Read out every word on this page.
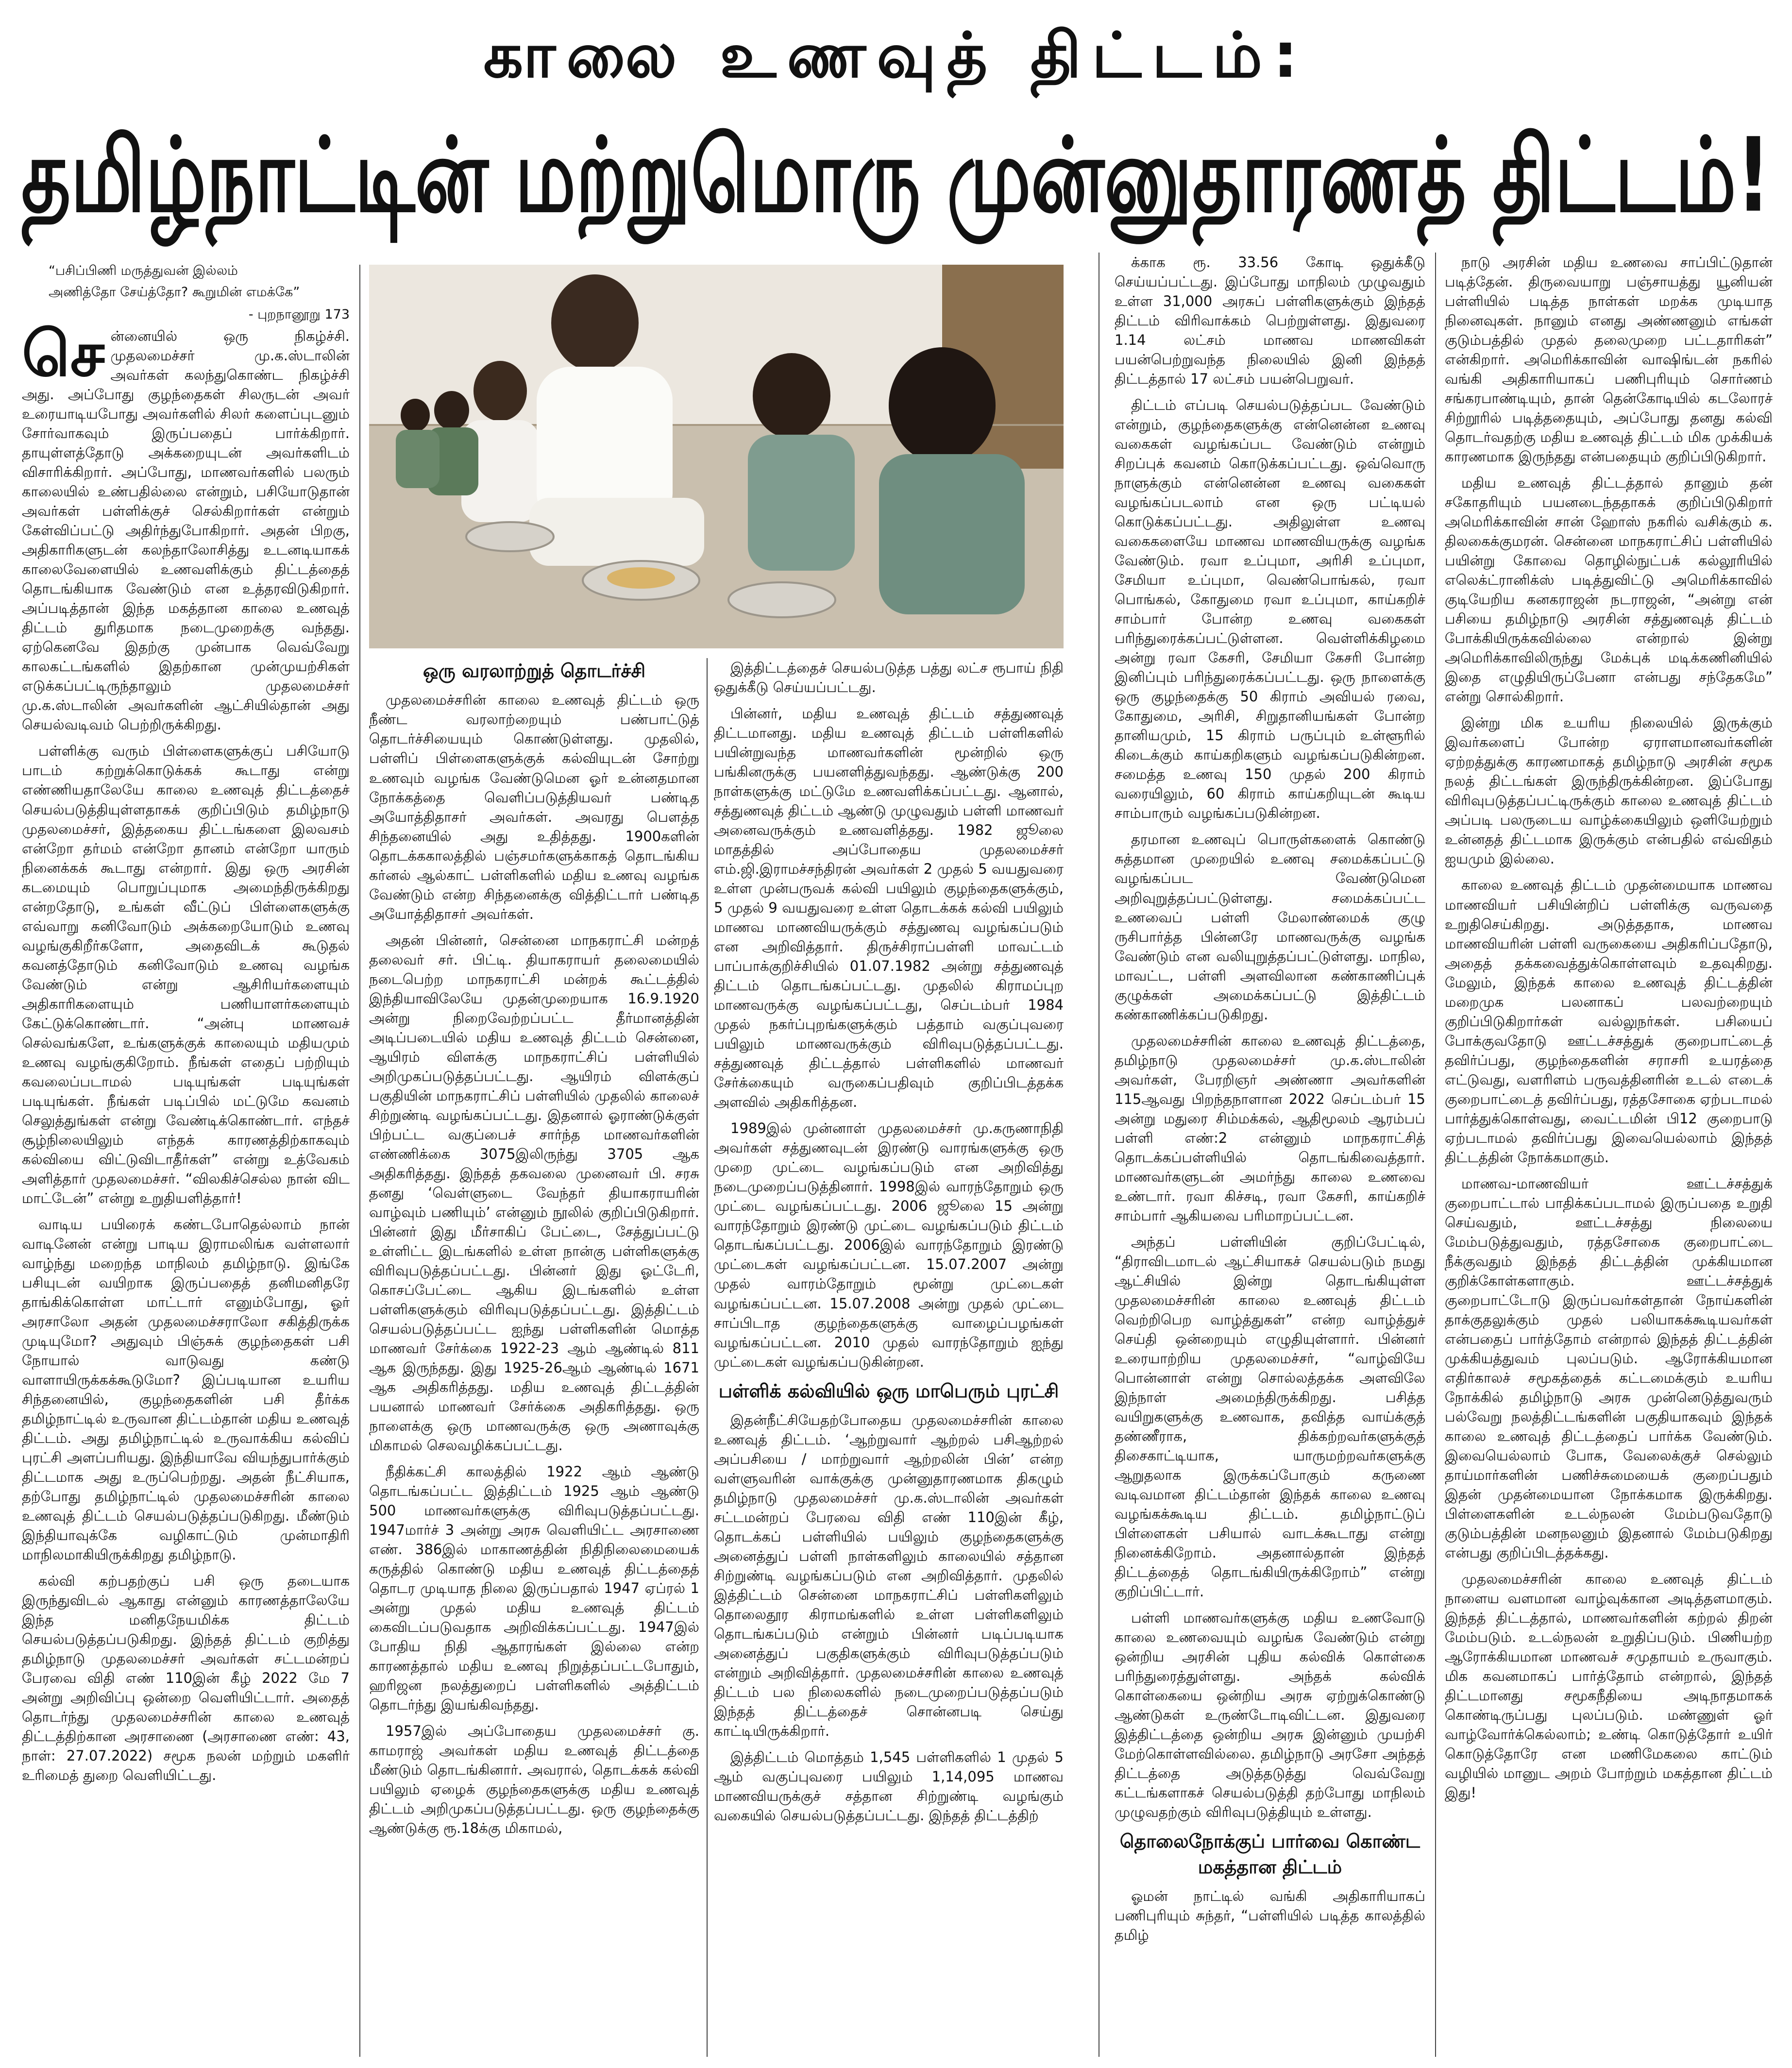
காலை உணவுத் திட்டம்:
தமிழ்நாட்டின் மற்றுமொரு முன்னுதாரணத் திட்டம்!
“பசிப்பிணி மருத்துவன் இல்லம்
அணித்தோ சேய்த்தோ? கூறுமின் எமக்கே”
- புறநானூறு 173

சென்னையில் ஒரு நிகழ்ச்சி. முதலமைச்சர் மு.க.ஸ்டாலின் அவர்கள் கலந்துகொண்ட நிகழ்ச்சி அது. அப்போது குழந்தைகள் சிலருடன் அவர் உரையாடியபோது அவர்களில் சிலர் களைப்புடனும் சோர்வாகவும் இருப்பதைப் பார்க்கிறார். தாயுள்ளத்தோடு அக்கறையுடன் அவர்களிடம் விசாரிக்கிறார். அப்போது, மாணவர்களில் பலரும் காலையில் உண்பதில்லை என்றும், பசியோடுதான் அவர்கள் பள்ளிக்குச் செல்கிறார்கள் என்றும் கேள்விப்பட்டு அதிர்ந்துபோகிறார். அதன் பிறகு, அதிகாரிகளுடன் கலந்தாலோசித்து உடனடியாகக் காலைவேளையில் உணவளிக்கும் திட்டத்தைத் தொடங்கியாக வேண்டும் என உத்தரவிடுகிறார். அப்படித்தான் இந்த மகத்தான காலை உணவுத் திட்டம் துரிதமாக நடைமுறைக்கு வந்தது. ஏற்கெனவே இதற்கு முன்பாக வெவ்வேறு காலகட்டங்களில் இதற்கான முன்முயற்சிகள் எடுக்கப்பட்டிருந்தாலும் முதலமைச்சர் மு.க.ஸ்டாலின் அவர்களின் ஆட்சியில்தான் அது செயல்வடிவம் பெற்றிருக்கிறது.

பள்ளிக்கு வரும் பிள்ளைகளுக்குப் பசியோடு பாடம் கற்றுக்கொடுக்கக் கூடாது என்று எண்ணியதாலேயே காலை உணவுத் திட்டத்தைச் செயல்படுத்தியுள்ளதாகக் குறிப்பிடும் தமிழ்நாடு முதலமைச்சர், இத்தகைய திட்டங்களை இலவசம் என்றோ தர்மம் என்றோ தானம் என்றோ யாரும் நினைக்கக் கூடாது என்றார். இது ஒரு அரசின் கடமையும் பொறுப்புமாக அமைந்திருக்கிறது என்றதோடு, உங்கள் வீட்டுப் பிள்ளைகளுக்கு எவ்வாறு கனிவோடும் அக்கறையோடும் உணவு வழங்குகிறீர்களோ, அதைவிடக் கூடுதல் கவனத்தோடும் கனிவோடும் உணவு வழங்க வேண்டும் என்று ஆசிரியர்களையும் அதிகாரிகளையும் பணியாளர்களையும் கேட்டுக்கொண்டார். “அன்பு மாணவச் செல்வங்களே, உங்களுக்குக் காலையும் மதியமும் உணவு வழங்குகிறோம். நீங்கள் எதைப் பற்றியும் கவலைப்படாமல் படியுங்கள் படியுங்கள் படியுங்கள். நீங்கள் படிப்பில் மட்டுமே கவனம் செலுத்துங்கள் என்று வேண்டிக்கொண்டார். எந்தச் சூழ்நிலையிலும் எந்தக் காரணத்திற்காகவும் கல்வியை விட்டுவிடாதீர்கள்” என்று உத்வேகம் அளித்தார் முதலமைச்சர். “விலகிச்செல்ல நான் விட மாட்டேன்” என்று உறுதியளித்தார்!

வாடிய பயிரைக் கண்டபோதெல்லாம் நான் வாடினேன் என்று பாடிய இராமலிங்க வள்ளலார் வாழ்ந்து மறைந்த மாநிலம் தமிழ்நாடு. இங்கே பசியுடன் வயிறாக இருப்பதைத் தனிமனிதரே தாங்கிக்கொள்ள மாட்டார் எனும்போது, ஓர் அரசாலோ அதன் முதலமைச்சராலோ சகித்திருக்க முடியுமோ? அதுவும் பிஞ்சுக் குழந்தைகள் பசி நோயால் வாடுவது கண்டு வாளாயிருக்கக்கூடுமோ? இப்படியான உயரிய சிந்தனையில், குழந்தைகளின் பசி தீர்க்க தமிழ்நாட்டில் உருவான திட்டம்தான் மதிய உணவுத் திட்டம். அது தமிழ்நாட்டில் உருவாக்கிய கல்விப் புரட்சி அளப்பரியது. இந்தியாவே வியந்துபார்க்கும் திட்டமாக அது உருப்பெற்றது. அதன் நீட்சியாக, தற்போது தமிழ்நாட்டில் முதலமைச்சரின் காலை உணவுத் திட்டம் செயல்படுத்தப்படுகிறது. மீண்டும் இந்தியாவுக்கே வழிகாட்டும் முன்மாதிரி மாநிலமாகியிருக்கிறது தமிழ்நாடு.

கல்வி கற்பதற்குப் பசி ஒரு தடையாக இருந்துவிடல் ஆகாது என்னும் காரணத்தாலேயே இந்த மனிதநேயமிக்க திட்டம் செயல்படுத்தப்படுகிறது. இந்தத் திட்டம் குறித்து தமிழ்நாடு முதலமைச்சர் அவர்கள் சட்டமன்றப் பேரவை விதி எண் 110இன் கீழ் 2022 மே 7 அன்று அறிவிப்பு ஒன்றை வெளியிட்டார். அதைத் தொடர்ந்து முதலமைச்சரின் காலை உணவுத் திட்டத்திற்கான அரசாணை (அரசாணை எண்: 43, நாள்: 27.07.2022) சமூக நலன் மற்றும் மகளிர் உரிமைத் துறை வெளியிட்டது.

ஒரு வரலாற்றுத் தொடர்ச்சி

முதலமைச்சரின் காலை உணவுத் திட்டம் ஒரு நீண்ட வரலாற்றையும் பண்பாட்டுத் தொடர்ச்சியையும் கொண்டுள்ளது. முதலில், பள்ளிப் பிள்ளைகளுக்குக் கல்வியுடன் சோற்று உணவும் வழங்க வேண்டுமென ஓர் உன்னதமான நோக்கத்தை வெளிப்படுத்தியவர் பண்டித அயோத்திதாசர் அவர்கள். அவரது பௌத்த சிந்தனையில் அது உதித்தது. 1900களின் தொடக்ககாலத்தில் பஞ்சமர்களுக்காகத் தொடங்கிய கர்னல் ஆல்காட் பள்ளிகளில் மதிய உணவு வழங்க வேண்டும் என்ற சிந்தனைக்கு வித்திட்டார் பண்டித அயோத்திதாசர் அவர்கள்.

அதன் பின்னர், சென்னை மாநகராட்சி மன்றத் தலைவர் சர். பிட்டி. தியாகராயர் தலைமையில் நடைபெற்ற மாநகராட்சி மன்றக் கூட்டத்தில் இந்தியாவிலேயே முதன்முறையாக 16.9.1920 அன்று நிறைவேற்றப்பட்ட தீர்மானத்தின் அடிப்படையில் மதிய உணவுத் திட்டம் சென்னை, ஆயிரம் விளக்கு மாநகராட்சிப் பள்ளியில் அறிமுகப்படுத்தப்பட்டது. ஆயிரம் விளக்குப் பகுதியின் மாநகராட்சிப் பள்ளியில் முதலில் காலைச் சிற்றுண்டி வழங்கப்பட்டது. இதனால் ஓராண்டுக்குள் பிற்பட்ட வகுப்பைச் சார்ந்த மாணவர்களின் எண்ணிக்கை 3075இலிருந்து 3705 ஆக அதிகரித்தது. இந்தத் தகவலை முனைவர் பி. சரசு தனது ‘வெள்ளுடை வேந்தர் தியாகராயரின் வாழ்வும் பணியும்’ என்னும் நூலில் குறிப்பிடுகிறார். பின்னர் இது மீர்சாகிப் பேட்டை, சேத்துப்பட்டு உள்ளிட்ட இடங்களில் உள்ள நான்கு பள்ளிகளுக்கு விரிவுபடுத்தப்பட்டது. பின்னர் இது ஓட்டேரி, கொசப்பேட்டை ஆகிய இடங்களில் உள்ள பள்ளிகளுக்கும் விரிவுபடுத்தப்பட்டது. இத்திட்டம் செயல்படுத்தப்பட்ட ஐந்து பள்ளிகளின் மொத்த மாணவர் சேர்க்கை 1922-23 ஆம் ஆண்டில் 811 ஆக இருந்தது. இது 1925-26ஆம் ஆண்டில் 1671 ஆக அதிகரித்தது. மதிய உணவுத் திட்டத்தின் பயனால் மாணவர் சேர்க்கை அதிகரித்தது. ஒரு நாளைக்கு ஒரு மாணவருக்கு ஒரு அணாவுக்கு மிகாமல் செலவழிக்கப்பட்டது.

நீதிக்கட்சி காலத்தில் 1922 ஆம் ஆண்டு தொடங்கப்பட்ட இத்திட்டம் 1925 ஆம் ஆண்டு 500 மாணவர்களுக்கு விரிவுபடுத்தப்பட்டது. 1947மார்ச் 3 அன்று அரசு வெளியிட்ட அரசாணை எண். 386இல் மாகாணத்தின் நிதிநிலைமையைக் கருத்தில் கொண்டு மதிய உணவுத் திட்டத்தைத் தொடர முடியாத நிலை இருப்பதால் 1947 ஏப்ரல் 1 அன்று முதல் மதிய உணவுத் திட்டம் கைவிடப்படுவதாக அறிவிக்கப்பட்டது. 1947இல் போதிய நிதி ஆதாரங்கள் இல்லை என்ற காரணத்தால் மதிய உணவு நிறுத்தப்பட்டபோதும், ஹரிஜன நலத்துறைப் பள்ளிகளில் அத்திட்டம் தொடர்ந்து இயங்கிவந்தது.

1957இல் அப்போதைய முதலமைச்சர் கு. காமராஜ் அவர்கள் மதிய உணவுத் திட்டத்தை மீண்டும் தொடங்கினார். அவரால், தொடக்கக் கல்வி பயிலும் ஏழைக் குழந்தைகளுக்கு மதிய உணவுத் திட்டம் அறிமுகப்படுத்தப்பட்டது. ஒரு குழந்தைக்கு ஆண்டுக்கு ரூ.18க்கு மிகாமல்,

இத்திட்டத்தைச் செயல்படுத்த பத்து லட்ச ரூபாய் நிதி ஒதுக்கீடு செய்யப்பட்டது.

பின்னர், மதிய உணவுத் திட்டம் சத்துணவுத் திட்டமானது. மதிய உணவுத் திட்டம் பள்ளிகளில் பயின்றுவந்த மாணவர்களின் மூன்றில் ஒரு பங்கினருக்கு பயனளித்துவந்தது. ஆண்டுக்கு 200 நாள்களுக்கு மட்டுமே உணவளிக்கப்பட்டது. ஆனால், சத்துணவுத் திட்டம் ஆண்டு முழுவதும் பள்ளி மாணவர் அனைவருக்கும் உணவளித்தது. 1982 ஜூலை மாதத்தில் அப்போதைய முதலமைச்சர் எம்.ஜி.இராமச்சந்திரன் அவர்கள் 2 முதல் 5 வயதுவரை உள்ள முன்பருவக் கல்வி பயிலும் குழந்தைகளுக்கும், 5 முதல் 9 வயதுவரை உள்ள தொடக்கக் கல்வி பயிலும் மாணவ மாணவியருக்கும் சத்துணவு வழங்கப்படும் என அறிவித்தார். திருச்சிராப்பள்ளி மாவட்டம் பாப்பாக்குறிச்சியில் 01.07.1982 அன்று சத்துணவுத் திட்டம் தொடங்கப்பட்டது. முதலில் கிராமப்புற மாணவருக்கு வழங்கப்பட்டது, செப்டம்பர் 1984 முதல் நகர்ப்புறங்களுக்கும் பத்தாம் வகுப்புவரை பயிலும் மாணவருக்கும் விரிவுபடுத்தப்பட்டது. சத்துணவுத் திட்டத்தால் பள்ளிகளில் மாணவர் சேர்க்கையும் வருகைப்பதிவும் குறிப்பிடத்தக்க அளவில் அதிகரித்தன.

1989இல் முன்னாள் முதலமைச்சர் மு.கருணாநிதி அவர்கள் சத்துணவுடன் இரண்டு வாரங்களுக்கு ஒரு முறை முட்டை வழங்கப்படும் என அறிவித்து நடைமுறைப்படுத்தினார். 1998இல் வாரந்தோறும் ஒரு முட்டை வழங்கப்பட்டது. 2006 ஜூலை 15 அன்று வாரந்தோறும் இரண்டு முட்டை வழங்கப்படும் திட்டம் தொடங்கப்பட்டது. 2006இல் வாரந்தோறும் இரண்டு முட்டைகள் வழங்கப்பட்டன. 15.07.2007 அன்று முதல் வாரம்தோறும் மூன்று முட்டைகள் வழங்கப்பட்டன. 15.07.2008 அன்று முதல் முட்டை சாப்பிடாத குழந்தைகளுக்கு வாழைப்பழங்கள் வழங்கப்பட்டன. 2010 முதல் வாரந்தோறும் ஐந்து முட்டைகள் வழங்கப்படுகின்றன.

பள்ளிக் கல்வியில் ஒரு மாபெரும் புரட்சி

இதன்நீட்சியேதற்போதைய முதலமைச்சரின் காலை உணவுத் திட்டம். ‘ஆற்றுவார் ஆற்றல் பசிஆற்றல் அப்பசியை / மாற்றுவார் ஆற்றலின் பின்’ என்ற வள்ளுவரின் வாக்குக்கு முன்னுதாரணமாக திகழும் தமிழ்நாடு முதலமைச்சர் மு.க.ஸ்டாலின் அவர்கள் சட்டமன்றப் பேரவை விதி எண் 110இன் கீழ், தொடக்கப் பள்ளியில் பயிலும் குழந்தைகளுக்கு அனைத்துப் பள்ளி நாள்களிலும் காலையில் சத்தான சிற்றுண்டி வழங்கப்படும் என அறிவித்தார். முதலில் இத்திட்டம் சென்னை மாநகராட்சிப் பள்ளிகளிலும் தொலைதூர கிராமங்களில் உள்ள பள்ளிகளிலும் தொடங்கப்படும் என்றும் பின்னர் படிப்படியாக அனைத்துப் பகுதிகளுக்கும் விரிவுபடுத்தப்படும் என்றும் அறிவித்தார். முதலமைச்சரின் காலை உணவுத் திட்டம் பல நிலைகளில் நடைமுறைப்படுத்தப்படும் இந்தத் திட்டத்தைச் சொன்னபடி செய்து காட்டியிருக்கிறார்.

இத்திட்டம் மொத்தம் 1,545 பள்ளிகளில் 1 முதல் 5 ஆம் வகுப்புவரை பயிலும் 1,14,095 மாணவ மாணவியருக்குச் சத்தான சிற்றுண்டி வழங்கும் வகையில் செயல்படுத்தப்பட்டது. இந்தத் திட்டத்திற்

க்காக ரூ. 33.56 கோடி ஒதுக்கீடு செய்யப்பட்டது. இப்போது மாநிலம் முழுவதும் உள்ள 31,000 அரசுப் பள்ளிகளுக்கும் இந்தத் திட்டம் விரிவாக்கம் பெற்றுள்ளது. இதுவரை 1.14 லட்சம் மாணவ மாணவிகள் பயன்பெற்றுவந்த நிலையில் இனி இந்தத் திட்டத்தால் 17 லட்சம் பயன்பெறுவர்.

திட்டம் எப்படி செயல்படுத்தப்பட வேண்டும் என்றும், குழந்தைகளுக்கு என்னென்ன உணவு வகைகள் வழங்கப்பட வேண்டும் என்றும் சிறப்புக் கவனம் கொடுக்கப்பட்டது. ஒவ்வொரு நாளுக்கும் என்னென்ன உணவு வகைகள் வழங்கப்படலாம் என ஒரு பட்டியல் கொடுக்கப்பட்டது. அதிலுள்ள உணவு வகைகளையே மாணவ மாணவியருக்கு வழங்க வேண்டும். ரவா உப்புமா, அரிசி உப்புமா, சேமியா உப்புமா, வெண்பொங்கல், ரவா பொங்கல், கோதுமை ரவா உப்புமா, காய்கறிச் சாம்பார் போன்ற உணவு வகைகள் பரிந்துரைக்கப்பட்டுள்ளன. வெள்ளிக்கிழமை அன்று ரவா கேசரி, சேமியா கேசரி போன்ற இனிப்பும் பரிந்துரைக்கப்பட்டது. ஒரு நாளைக்கு ஒரு குழந்தைக்கு 50 கிராம் அவியல் ரவை, கோதுமை, அரிசி, சிறுதானியங்கள் போன்ற தானியமும், 15 கிராம் பருப்பும் உள்ளூரில் கிடைக்கும் காய்கறிகளும் வழங்கப்படுகின்றன. சமைத்த உணவு 150 முதல் 200 கிராம் வரையிலும், 60 கிராம் காய்கறியுடன் கூடிய சாம்பாரும் வழங்கப்படுகின்றன.

தரமான உணவுப் பொருள்களைக் கொண்டு சுத்தமான முறையில் உணவு சமைக்கப்பட்டு வழங்கப்பட வேண்டுமென அறிவுறுத்தப்பட்டுள்ளது. சமைக்கப்பட்ட உணவைப் பள்ளி மேலாண்மைக் குழு ருசிபார்த்த பின்னரே மாணவருக்கு வழங்க வேண்டும் என வலியுறுத்தப்பட்டுள்ளது. மாநில, மாவட்ட, பள்ளி அளவிலான கண்காணிப்புக் குழுக்கள் அமைக்கப்பட்டு இத்திட்டம் கண்காணிக்கப்படுகிறது.

முதலமைச்சரின் காலை உணவுத் திட்டத்தை, தமிழ்நாடு முதலமைச்சர் மு.க.ஸ்டாலின் அவர்கள், பேரறிஞர் அண்ணா அவர்களின் 115ஆவது பிறந்தநாளான 2022 செப்டம்பர் 15 அன்று மதுரை சிம்மக்கல், ஆதிமூலம் ஆரம்பப் பள்ளி எண்:2 என்னும் மாநகராட்சித் தொடக்கப்பள்ளியில் தொடங்கிவைத்தார். மாணவர்களுடன் அமர்ந்து காலை உணவை உண்டார். ரவா கிச்சடி, ரவா கேசரி, காய்கறிச் சாம்பார் ஆகியவை பரிமாறப்பட்டன.

அந்தப் பள்ளியின் குறிப்பேட்டில், “திராவிடமாடல் ஆட்சியாகச் செயல்படும் நமது ஆட்சியில் இன்று தொடங்கியுள்ள முதலமைச்சரின் காலை உணவுத் திட்டம் வெற்றிபெற வாழ்த்துகள்” என்ற வாழ்த்துச் செய்தி ஒன்றையும் எழுதியுள்ளார். பின்னர் உரையாற்றிய முதலமைச்சர், “வாழ்வியே பொன்னாள் என்று சொல்லத்தக்க அளவிலே இந்நாள் அமைந்திருக்கிறது. பசித்த வயிறுகளுக்கு உணவாக, தவித்த வாய்க்குத் தண்ணீராக, திக்கற்றவர்களுக்குத் திசைகாட்டியாக, யாருமற்றவர்களுக்கு ஆறுதலாக இருக்கப்போகும் கருணை வடிவமான திட்டம்தான் இந்தக் காலை உணவு வழங்கக்கூடிய திட்டம். தமிழ்நாட்டுப் பிள்ளைகள் பசியால் வாடக்கூடாது என்று நினைக்கிறோம். அதனால்தான் இந்தத் திட்டத்தைத் தொடங்கியிருக்கிறோம்” என்று குறிப்பிட்டார்.

பள்ளி மாணவர்களுக்கு மதிய உணவோடு காலை உணவையும் வழங்க வேண்டும் என்று ஒன்றிய அரசின் புதிய கல்விக் கொள்கை பரிந்துரைத்துள்ளது. அந்தக் கல்விக் கொள்கையை ஒன்றிய அரசு ஏற்றுக்கொண்டு ஆண்டுகள் உருண்டோடிவிட்டன. இதுவரை இத்திட்டத்தை ஒன்றிய அரசு இன்னும் முயற்சி மேற்கொள்ளவில்லை. தமிழ்நாடு அரசோ அந்தத் திட்டத்தை அடுத்தடுத்து வெவ்வேறு கட்டங்களாகச் செயல்படுத்தி தற்போது மாநிலம் முழுவதற்கும் விரிவுபடுத்தியும் உள்ளது.

தொலைநோக்குப் பார்வை கொண்ட மகத்தான திட்டம்

ஓமன் நாட்டில் வங்கி அதிகாரியாகப் பணிபுரியும் சுந்தர், “பள்ளியில் படித்த காலத்தில் தமிழ்

நாடு அரசின் மதிய உணவை சாப்பிட்டுதான் படித்தேன். திருவையாறு பஞ்சாயத்து யூனியன் பள்ளியில் படித்த நாள்கள் மறக்க முடியாத நினைவுகள். நானும் எனது அண்ணனும் எங்கள் குடும்பத்தில் முதல் தலைமுறை பட்டதாரிகள்” என்கிறார். அமெரிக்காவின் வாஷிங்டன் நகரில் வங்கி அதிகாரியாகப் பணிபுரியும் சொர்ணம் சங்கரபாண்டியும், தான் தென்கோடியில் கடலோரச் சிற்றூரில் படித்ததையும், அப்போது தனது கல்வி தொடர்வதற்கு மதிய உணவுத் திட்டம் மிக முக்கியக் காரணமாக இருந்தது என்பதையும் குறிப்பிடுகிறார்.

மதிய உணவுத் திட்டத்தால் தானும் தன் சகோதரியும் பயனடைந்ததாகக் குறிப்பிடுகிறார் அமெரிக்காவின் சான் ஹோஸ் நகரில் வசிக்கும் க. திலகைக்குமரன். சென்னை மாநகராட்சிப் பள்ளியில் பயின்று கோவை தொழில்நுட்பக் கல்லூரியில் எலெக்ட்ரானிக்ஸ் படித்துவிட்டு அமெரிக்காவில் குடியேறிய கனகராஜன் நடராஜன், “அன்று என் பசியை தமிழ்நாடு அரசின் சத்துணவுத் திட்டம் போக்கியிருக்கவில்லை என்றால் இன்று அமெரிக்காவிலிருந்து மேக்புக் மடிக்கணினியில் இதை எழுதியிருப்பேனா என்பது சந்தேகமே” என்று சொல்கிறார்.

இன்று மிக உயரிய நிலையில் இருக்கும் இவர்களைப் போன்ற ஏராளமானவர்களின் ஏற்றத்துக்கு காரணமாகத் தமிழ்நாடு அரசின் சமூக நலத் திட்டங்கள் இருந்திருக்கின்றன. இப்போது விரிவுபடுத்தப்பட்டிருக்கும் காலை உணவுத் திட்டம் அப்படி பலருடைய வாழ்க்கையிலும் ஒளியேற்றும் உன்னதத் திட்டமாக இருக்கும் என்பதில் எவ்விதம் ஐயமும் இல்லை.

காலை உணவுத் திட்டம் முதன்மையாக மாணவ மாணவியர் பசியின்றிப் பள்ளிக்கு வருவதை உறுதிசெய்கிறது. அடுத்ததாக, மாணவ மாணவியரின் பள்ளி வருகையை அதிகரிப்பதோடு, அதைத் தக்கவைத்துக்கொள்ளவும் உதவுகிறது. மேலும், இந்தக் காலை உணவுத் திட்டத்தின் மறைமுக பலனாகப் பலவற்றையும் குறிப்பிடுகிறார்கள் வல்லுநர்கள். பசியைப் போக்குவதோடு ஊட்டச்சத்துக் குறைபாட்டைத் தவிர்ப்பது, குழந்தைகளின் சராசரி உயரத்தை எட்டுவது, வளரிளம் பருவத்தினரின் உடல் எடைக் குறைபாட்டைத் தவிர்ப்பது, ரத்தசோகை ஏற்படாமல் பார்த்துக்கொள்வது, வைட்டமின் பி12 குறைபாடு ஏற்படாமல் தவிர்ப்பது இவையெல்லாம் இந்தத் திட்டத்தின் நோக்கமாகும்.

மாணவ-மாணவியர் ஊட்டச்சத்துக் குறைபாட்டால் பாதிக்கப்படாமல் இருப்பதை உறுதி செய்வதும், ஊட்டச்சத்து நிலையை மேம்படுத்துவதும், ரத்தசோகை குறைபாட்டை நீக்குவதும் இந்தத் திட்டத்தின் முக்கியமான குறிக்கோள்களாகும். ஊட்டச்சத்துக் குறைபாட்டோடு இருப்பவர்கள்தான் நோய்களின் தாக்குதலுக்கும் முதல் பலியாகக்கூடியவர்கள் என்பதைப் பார்த்தோம் என்றால் இந்தத் திட்டத்தின் முக்கியத்துவம் புலப்படும். ஆரோக்கியமான எதிர்காலச் சமூகத்தைக் கட்டமைக்கும் உயரிய நோக்கில் தமிழ்நாடு அரசு முன்னெடுத்துவரும் பல்வேறு நலத்திட்டங்களின் பகுதியாகவும் இந்தக் காலை உணவுத் திட்டத்தைப் பார்க்க வேண்டும். இவையெல்லாம் போக, வேலைக்குச் செல்லும் தாய்மார்களின் பணிச்சுமையைக் குறைப்பதும் இதன் முதன்மையான நோக்கமாக இருக்கிறது. பிள்ளைகளின் உடல்நலன் மேம்படுவதோடு குடும்பத்தின் மனநலனும் இதனால் மேம்படுகிறது என்பது குறிப்பிடத்தக்கது.

முதலமைச்சரின் காலை உணவுத் திட்டம் நாளைய வளமான வாழ்வுக்கான அடித்தளமாகும். இந்தத் திட்டத்தால், மாணவர்களின் கற்றல் திறன் மேம்படும். உடல்நலன் உறுதிப்படும். பிணியற்ற ஆரோக்கியமான மாணவச் சமுதாயம் உருவாகும். மிக கவனமாகப் பார்த்தோம் என்றால், இந்தத் திட்டமானது சமூகநீதியை அடிநாதமாகக் கொண்டிருப்பது புலப்படும். மண்ணுள் ஓர் வாழ்வோர்க்கெல்லாம்; உண்டி கொடுத்தோர் உயிர் கொடுத்தோரே என மணிமேகலை காட்டும் வழியில் மானுட அறம் போற்றும் மகத்தான திட்டம் இது!
